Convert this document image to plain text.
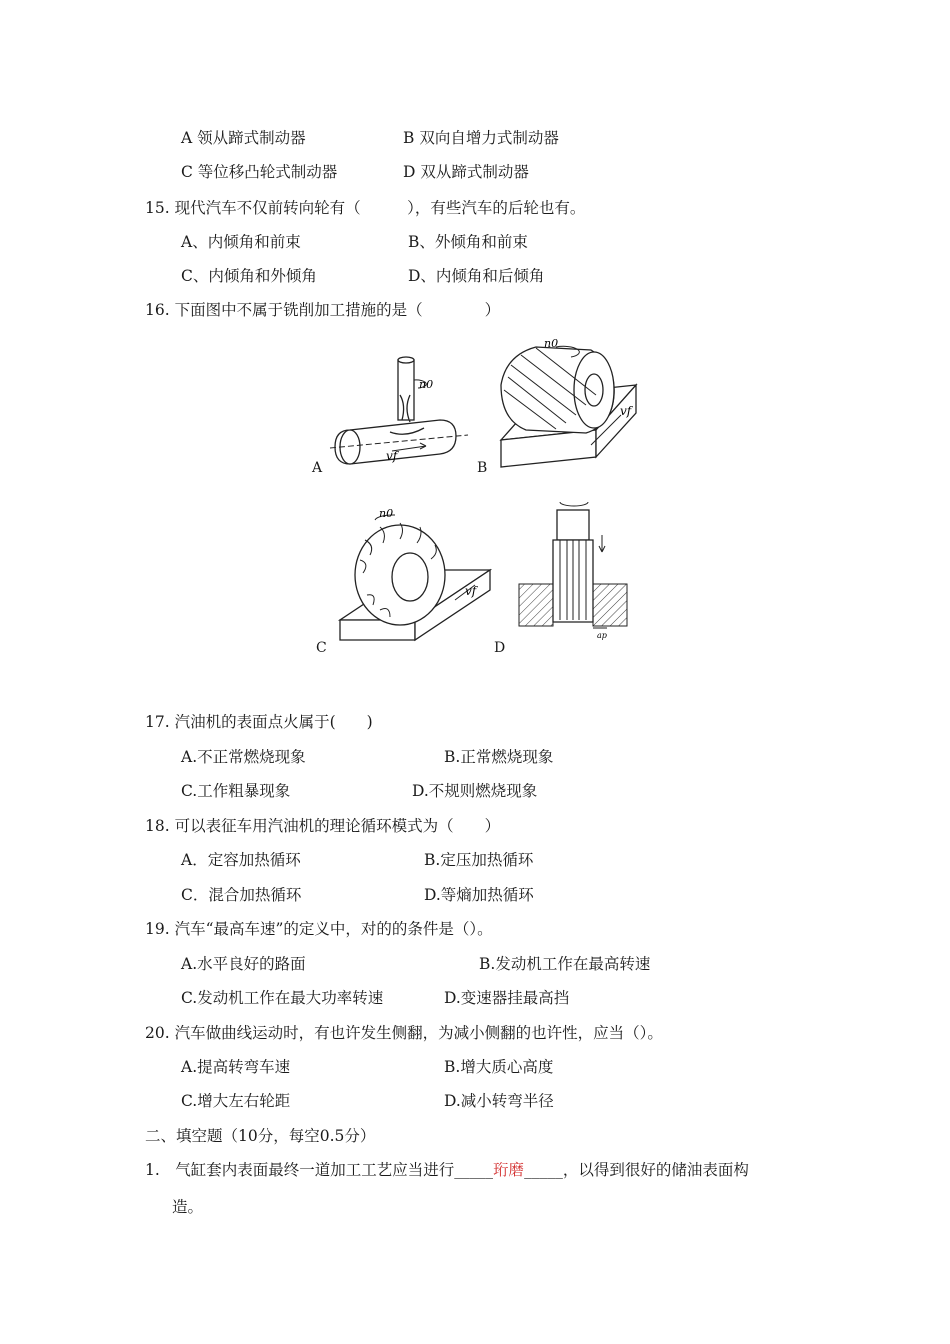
A 领从蹄式制动器	B 双向自增力式制动器
C 等位移凸轮式制动器	D 双从蹄式制动器
15. 现代汽车不仅前转向轮有（　　　），有些汽车的后轮也有。
A、内倾角和前束	B、外倾角和前束
C、内倾角和外倾角	D、内倾角和后倾角
16. 下面图中不属于铣削加工措施的是（　　　　）
n0
vf
A
n0
vf
B
n0
vf
C
ap
D
17. 汽油机的表面点火属于(　　)
A.不正常燃烧现象	B.正常燃烧现象
C.工作粗暴现象	D.不规则燃烧现象
18. 可以表征车用汽油机的理论循环模式为（　　）
A．定容加热循环	B.定压加热循环
C．混合加热循环	D.等熵加热循环
19. 汽车“最高车速”的定义中，对的的条件是（）。
A.水平良好的路面	B.发动机工作在最高转速
C.发动机工作在最大功率转速	D.变速器挂最高挡
20. 汽车做曲线运动时，有也许发生侧翻，为减小侧翻的也许性，应当（）。
A.提高转弯车速	B.增大质心高度
C.增大左右轮距	D.减小转弯半径
二、填空题（10分，每空0.5分）
1.　气缸套内表面最终一道加工工艺应当进行_____珩磨_____，以得到很好的储油表面构
造。
